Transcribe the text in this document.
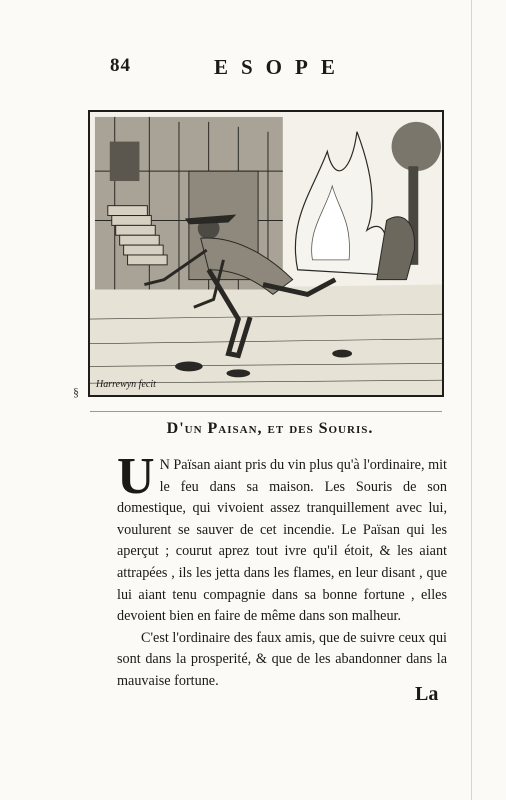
84	ESOPE
Harrewyn fecit
§
D'un Paisan, et des Souris.

U N Païsan aiant pris du vin plus qu'à l'ordinaire, mit le feu dans sa maison. Les Souris de son domestique, qui vivoient assez tranquillement avec lui, voulurent se sauver de cet incendie. Le Païsan qui les aperçut ; courut aprez tout ivre qu'il étoit, & les aiant attrapées , ils les jetta dans les flames, en leur disant , que lui aiant tenu compagnie dans sa bonne fortune , elles devoient bien en faire de même dans son malheur.

C'est l'ordinaire des faux amis, que de suivre ceux qui sont dans la prosperité, & que de les abandonner dans la mauvaise fortune.

La
